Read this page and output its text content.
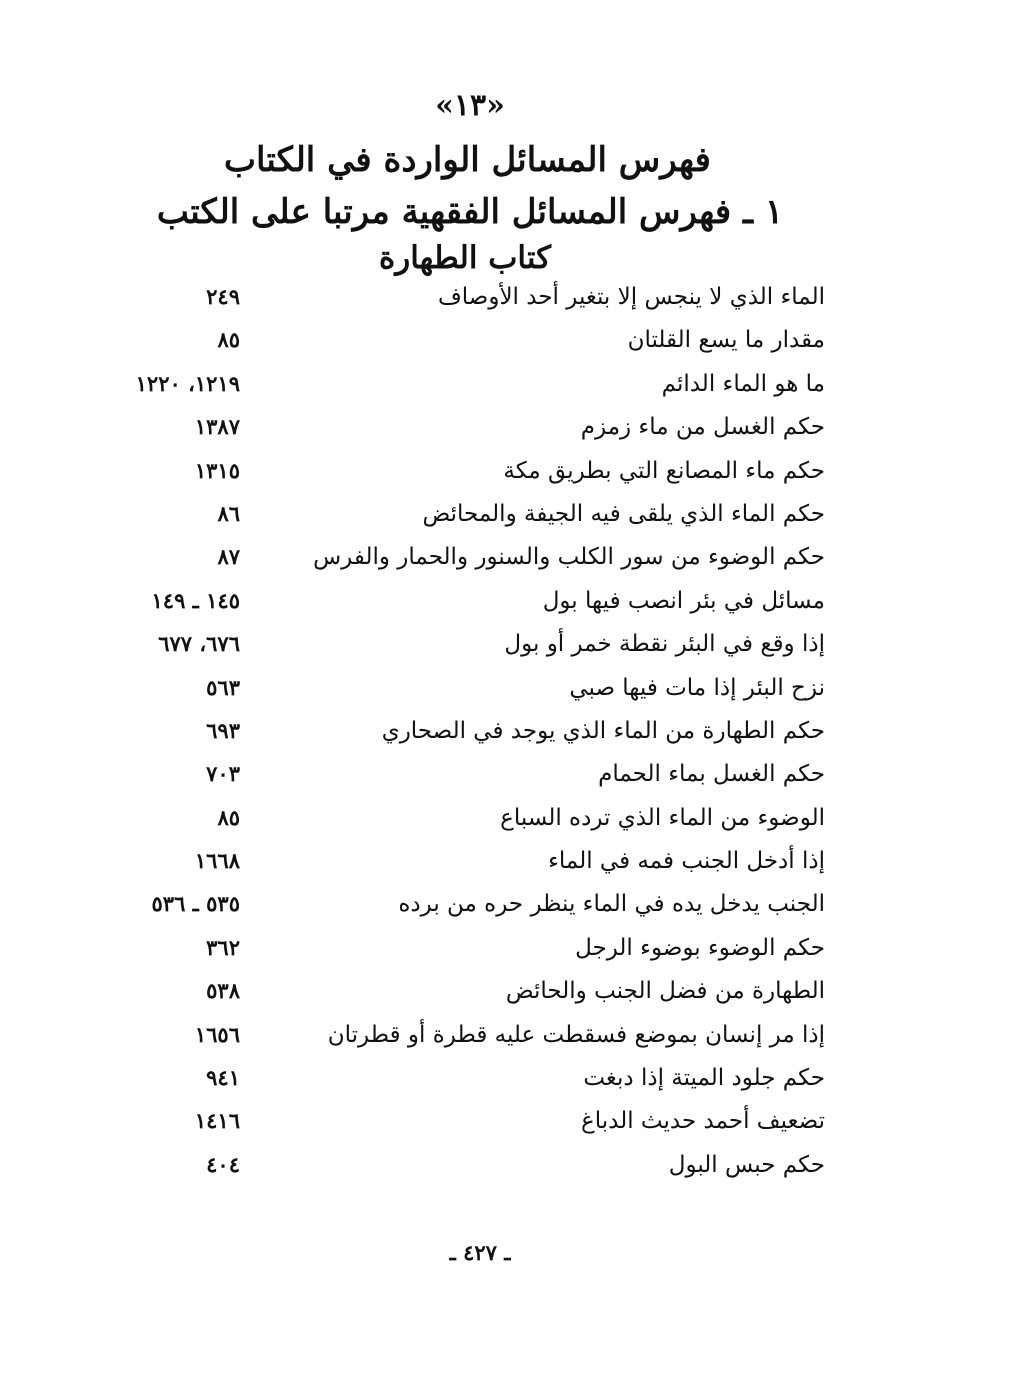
«١٣»
فهرس المسائل الواردة في الكتاب
١ ـ فهرس المسائل الفقهية مرتبا على الكتب
كتاب الطهارة
الماء الذي لا ينجس إلا بتغير أحد الأوصاف
٢٤٩
مقدار ما يسع القلتان
٨٥
ما هو الماء الدائم
١٢١٩، ١٢٢٠
حكم الغسل من ماء زمزم
١٣٨٧
حكم ماء المصانع التي بطريق مكة
١٣١٥
حكم الماء الذي يلقى فيه الجيفة والمحائض
٨٦
حكم الوضوء من سور الكلب والسنور والحمار والفرس
٨٧
مسائل في بئر انصب فيها بول
١٤٥ ـ ١٤٩
إذا وقع في البئر نقطة خمر أو بول
٦٧٦، ٦٧٧
نزح البئر إذا مات فيها صبي
٥٦٣
حكم الطهارة من الماء الذي يوجد في الصحاري
٦٩٣
حكم الغسل بماء الحمام
٧٠٣
الوضوء من الماء الذي ترده السباع
٨٥
إذا أدخل الجنب فمه في الماء
١٦٦٨
الجنب يدخل يده في الماء ينظر حره من برده
٥٣٥ ـ ٥٣٦
حكم الوضوء بوضوء الرجل
٣٦٢
الطهارة من فضل الجنب والحائض
٥٣٨
إذا مر إنسان بموضع فسقطت عليه قطرة أو قطرتان
١٦٥٦
حكم جلود الميتة إذا دبغت
٩٤١
تضعيف أحمد حديث الدباغ
١٤١٦
حكم حبس البول
٤٠٤
ـ ٤٢٧ ـ
